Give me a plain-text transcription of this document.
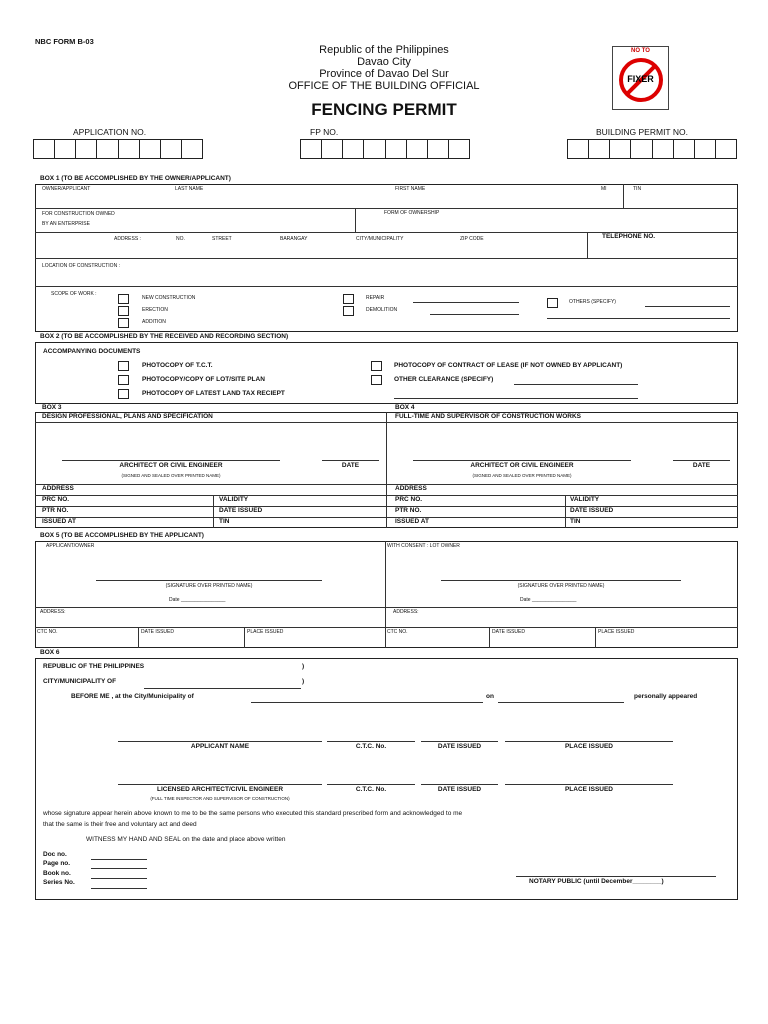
NBC FORM B-03
Republic of the Philippines
Davao City
Province of Davao Del Sur
OFFICE OF THE BUILDING OFFICIAL
FENCING PERMIT
NO TO
FIXER
APPLICATION NO.	FP NO.	BUILDING PERMIT NO.
BOX 1 (TO BE ACCOMPLISHED BY THE OWNER/APPLICANT)
OWNER/APPLICANT	LAST NAME	FIRST NAME	MI	TIN
FOR CONSTRUCTION OWNED
BY AN ENTERPRISE
FORM OF OWNERSHIP
ADDRESS :	NO.	STREET	BARANGAY	CITY/MUNICIPALITY	ZIP CODE	TELEPHONE NO.
LOCATION OF CONSTRUCTION :
SCOPE OF WORK :
NEW CONSTRUCTION
ERECTION
ADDITION
REPAIR
DEMOLITION
OTHERS (SPECIFY)
BOX 2 (TO BE ACCOMPLISHED BY THE RECEIVED AND RECORDING SECTION)
ACCOMPANYING DOCUMENTS
PHOTOCOPY OF T.C.T.
PHOTOCOPY/COPY OF LOT/SITE PLAN
PHOTOCOPY OF LATEST LAND TAX RECIEPT
PHOTOCOPY OF CONTRACT OF LEASE (IF NOT OWNED BY APPLICANT)
OTHER CLEARANCE (SPECIFY)
BOX 3	BOX 4
DESIGN PROFESSIONAL, PLANS AND SPECIFICATION	FULL-TIME AND SUPERVISOR OF CONSTRUCTION WORKS
ARCHITECT OR CIVIL ENGINEER	DATE
(SIGNED AND SEALED OVER PRINTED NAME)
ARCHITECT OR CIVIL ENGINEER	DATE
(SIGNED AND SEALED OVER PRINTED NAME)
ADDRESS
PRC NO.	VALIDITY
PTR NO.	DATE ISSUED
ISSUED AT	TIN
ADDRESS
PRC NO.	VALIDITY
PTR NO.	DATE ISSUED
ISSUED AT	TIN
BOX 5 (TO BE ACCOMPLISHED BY THE APPLICANT)
APPLICANT/OWNER	WITH CONSENT : LOT OWNER
(SIGNATURE OVER PRINTED NAME)	(SIGNATURE OVER PRINTED NAME)
Date ________________	Date ________________
ADDRESS:	ADDRESS:
CTC NO.	DATE ISSUED	PLACE ISSUED	CTC NO.	DATE ISSUED	PLACE ISSUED
BOX 6
REPUBLIC OF THE PHILIPPINES	)
CITY/MUNICIPALITY OF	)
BEFORE ME , at the City/Municipality of	on	personally appeared
APPLICANT NAME	C.T.C. No.	DATE ISSUED	PLACE ISSUED
LICENSED ARCHITECT/CIVIL ENGINEER	C.T.C. No.	DATE ISSUED	PLACE ISSUED
(FULL TIME INSPECTOR AND SUPERVISOR OF CONSTRUCTION)
whose signature appear herein above known to me to be the same persons who executed this standard prescribed form and acknowledged to me
that the same is their free and voluntary act and deed
WITNESS MY HAND AND SEAL on the date and place above written
Doc no.
Page no.
Book no.
Series No.	NOTARY PUBLIC (until December________)
